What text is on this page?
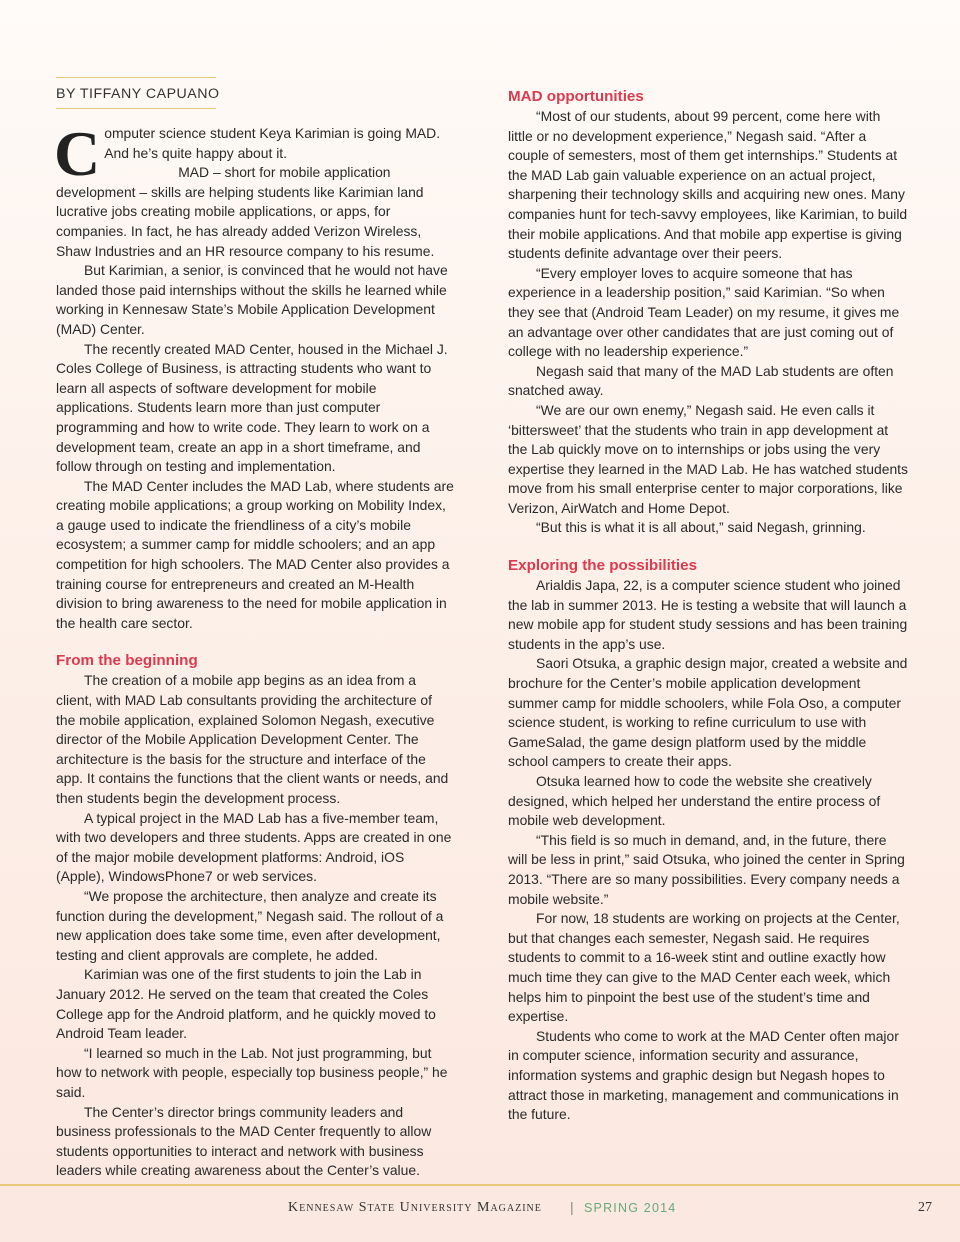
BY TIFFANY CAPUANO

Computer science student Keya Karimian is going MAD.
And he’s quite happy about it.

MAD – short for mobile application development – skills are helping students like Karimian land lucrative jobs creating mobile applications, or apps, for companies. In fact, he has already added Verizon Wireless, Shaw Industries and an HR resource company to his resume.

But Karimian, a senior, is convinced that he would not have landed those paid internships without the skills he learned while working in Kennesaw State’s Mobile Application Development (MAD) Center.

The recently created MAD Center, housed in the Michael J. Coles College of Business, is attracting students who want to learn all aspects of software development for mobile applications. Students learn more than just computer programming and how to write code. They learn to work on a development team, create an app in a short timeframe, and follow through on testing and implementation.

The MAD Center includes the MAD Lab, where students are creating mobile applications; a group working on Mobility Index, a gauge used to indicate the friendliness of a city’s mobile ecosystem; a summer camp for middle schoolers; and an app competition for high schoolers. The MAD Center also provides a training course for entrepreneurs and created an M-Health division to bring awareness to the need for mobile application in the health care sector.

From the beginning

The creation of a mobile app begins as an idea from a client, with MAD Lab consultants providing the architecture of the mobile application, explained Solomon Negash, executive director of the Mobile Application Development Center. The architecture is the basis for the structure and interface of the app. It contains the functions that the client wants or needs, and then students begin the development process.

A typical project in the MAD Lab has a five-member team, with two developers and three students. Apps are created in one of the major mobile development platforms: Android, iOS (Apple), WindowsPhone7 or web services.

“We propose the architecture, then analyze and create its function during the development,” Negash said. The rollout of a new application does take some time, even after development, testing and client approvals are complete, he added.

Karimian was one of the first students to join the Lab in January 2012. He served on the team that created the Coles College app for the Android platform, and he quickly moved to Android Team leader.

“I learned so much in the Lab. Not just programming, but how to network with people, especially top business people,” he said.

The Center’s director brings community leaders and business professionals to the MAD Center frequently to allow students opportunities to interact and network with business leaders while creating awareness about the Center’s value.

MAD opportunities

“Most of our students, about 99 percent, come here with little or no development experience,” Negash said. “After a couple of semesters, most of them get internships.” Students at the MAD Lab gain valuable experience on an actual project, sharpening their technology skills and acquiring new ones. Many companies hunt for tech-savvy employees, like Karimian, to build their mobile applications. And that mobile app expertise is giving students definite advantage over their peers.

“Every employer loves to acquire someone that has experience in a leadership position,” said Karimian. “So when they see that (Android Team Leader) on my resume, it gives me an advantage over other candidates that are just coming out of college with no leadership experience.”

Negash said that many of the MAD Lab students are often snatched away.

“We are our own enemy,” Negash said. He even calls it ‘bittersweet’ that the students who train in app development at the Lab quickly move on to internships or jobs using the very expertise they learned in the MAD Lab. He has watched students move from his small enterprise center to major corporations, like Verizon, AirWatch and Home Depot.

“But this is what it is all about,” said Negash, grinning.

Exploring the possibilities

Arialdis Japa, 22, is a computer science student who joined the lab in summer 2013. He is testing a website that will launch a new mobile app for student study sessions and has been training students in the app’s use.

Saori Otsuka, a graphic design major, created a website and brochure for the Center’s mobile application development summer camp for middle schoolers, while Fola Oso, a computer science student, is working to refine curriculum to use with GameSalad, the game design platform used by the middle school campers to create their apps.

Otsuka learned how to code the website she creatively designed, which helped her understand the entire process of mobile web development.

“This field is so much in demand, and, in the future, there will be less in print,” said Otsuka, who joined the center in Spring 2013. “There are so many possibilities. Every company needs a mobile website.”

For now, 18 students are working on projects at the Center, but that changes each semester, Negash said. He requires students to commit to a 16-week stint and outline exactly how much time they can give to the MAD Center each week, which helps him to pinpoint the best use of the student’s time and expertise.

Students who come to work at the MAD Center often major in computer science, information security and assurance, information systems and graphic design but Negash hopes to attract those in marketing, management and communications in the future.

Kennesaw State University Magazine | SPRING 2014	27
